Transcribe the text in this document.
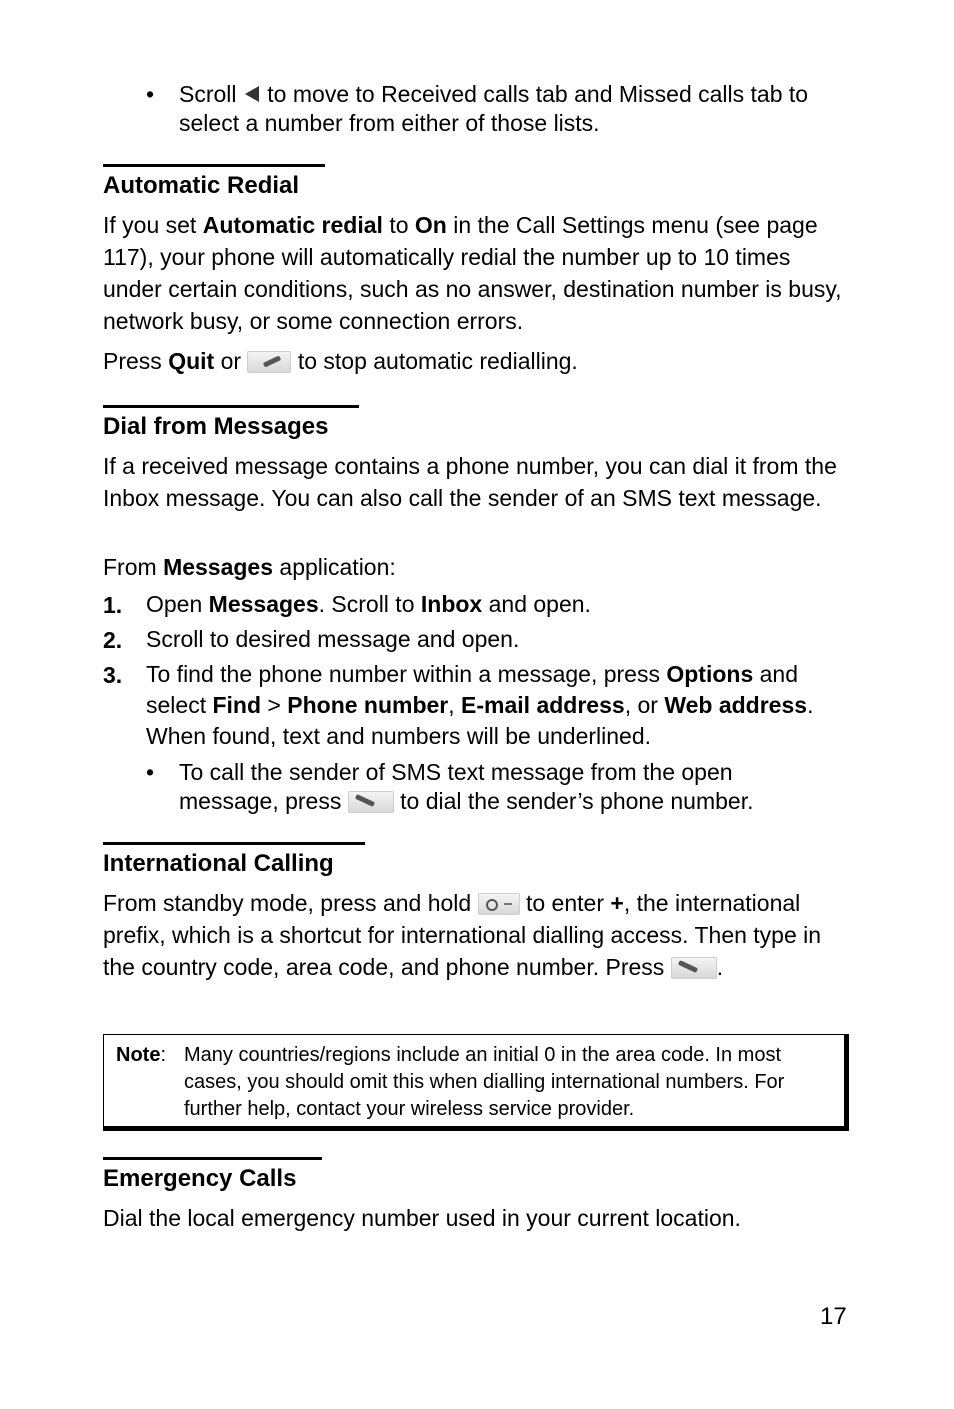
• Scroll to move to Received calls tab and Missed calls tab to select a number from either of those lists.
Automatic Redial

If you set Automatic redial to On in the Call Settings menu (see page 117), your phone will automatically redial the number up to 10 times under certain conditions, such as no answer, destination number is busy, network busy, or some connection errors.

Press Quit or to stop automatic redialling.

Dial from Messages

If a received message contains a phone number, you can dial it from the Inbox message. You can also call the sender of an SMS text message.

From Messages application:

1. Open Messages. Scroll to Inbox and open.
2. Scroll to desired message and open.
3. To find the phone number within a message, press Options and select Find > Phone number, E-mail address, or Web address. When found, text and numbers will be underlined.
• To call the sender of SMS text message from the open message, press	to dial the sender’s phone number.
International Calling

From standby mode, press and hold to enter +, the international prefix, which is a shortcut for international dialling access. Then type in the country code, area code, and phone number. Press .

Note: Many countries/regions include an initial 0 in the area code. In most cases, you should omit this when dialling international numbers. For further help, contact your wireless service provider.
Emergency Calls

Dial the local emergency number used in your current location.

17
